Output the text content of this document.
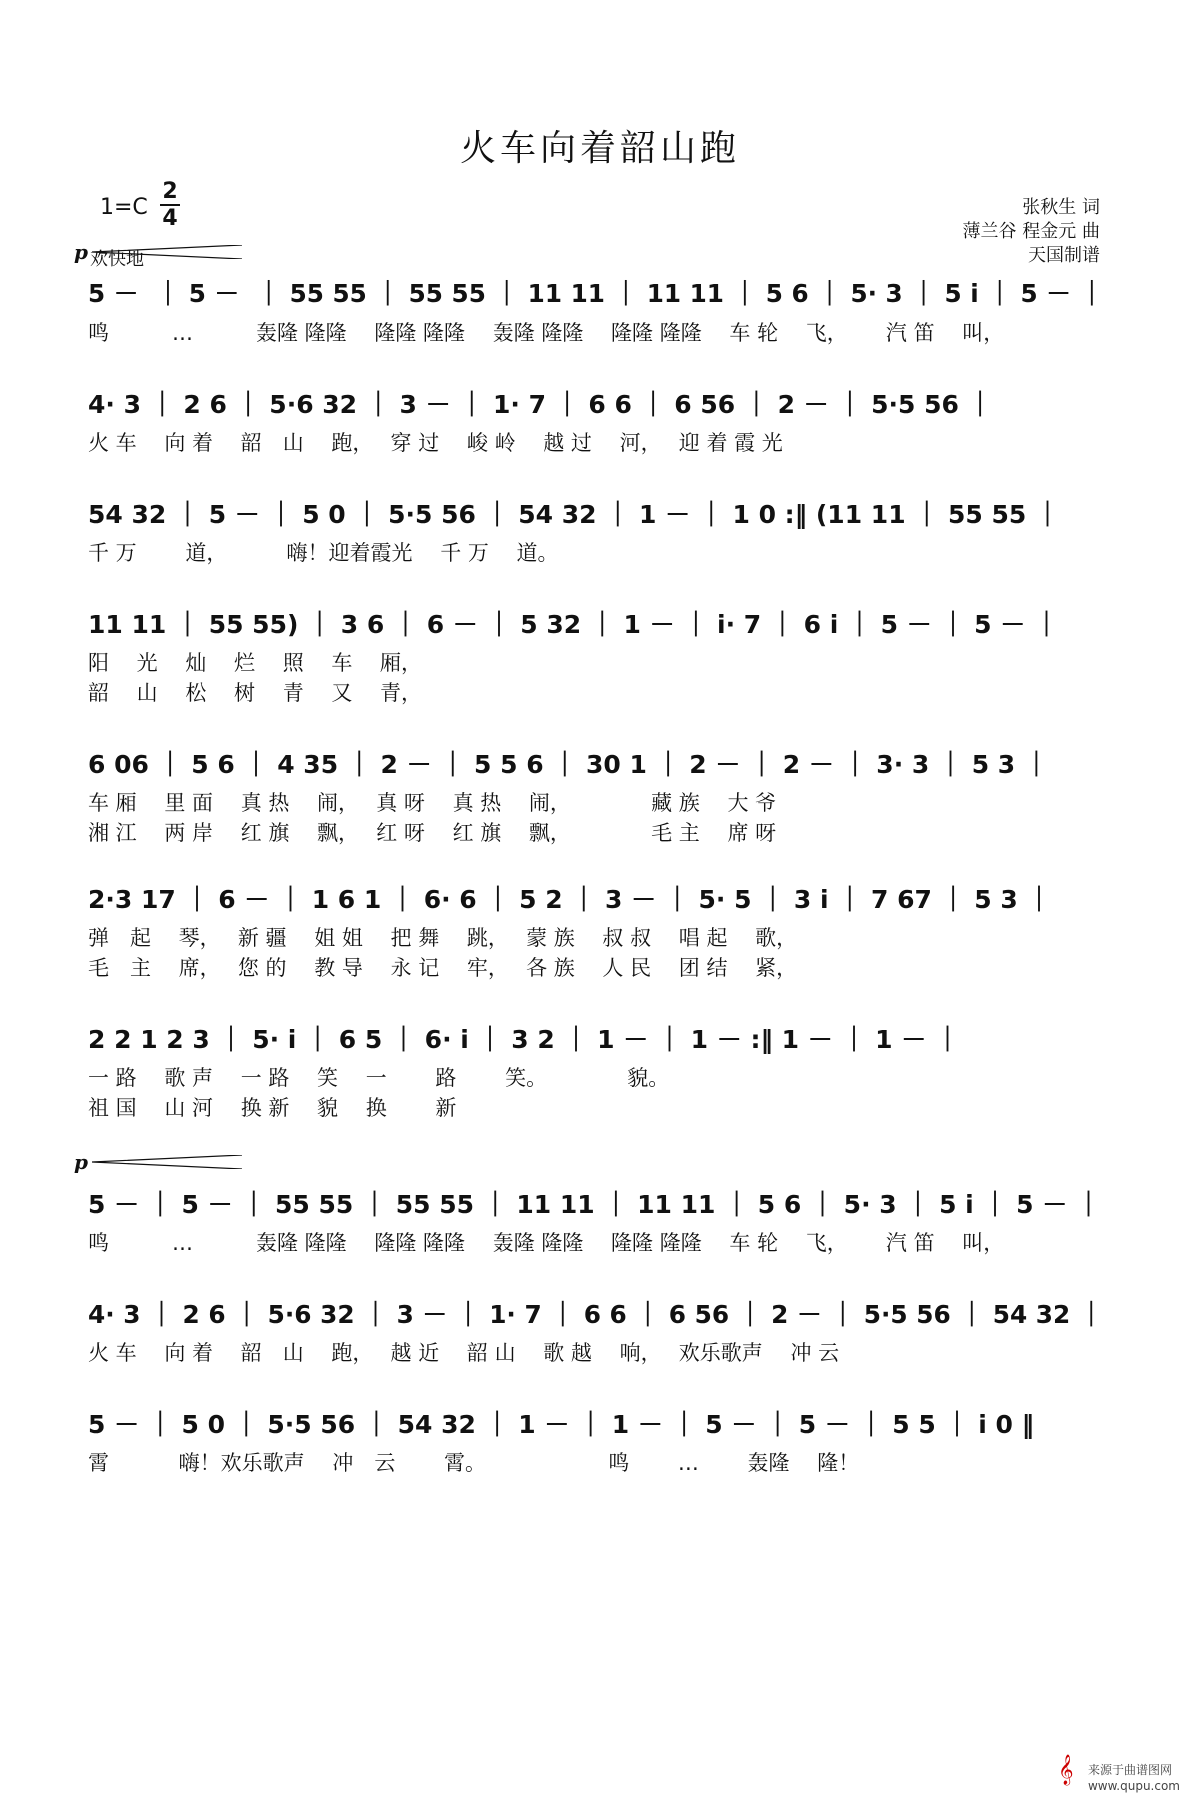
火车向着韶山跑
1=C
2
4
欢快地
张秋生 词
薄兰谷 程金元 曲
天国制谱
p
p
5 －  ｜ 5 －  ｜ 55 55 ｜ 55 55 ｜ 11 11 ｜ 11 11 ｜ 5 6 ｜ 5· 3 ｜ 5 i ｜ 5 － ｜
鸣　　　…　　　轰隆 隆隆　 隆隆 隆隆　 轰隆 隆隆　 隆隆 隆隆　 车 轮　 飞，　　 汽 笛　 叫，
4· 3 ｜ 2 6 ｜ 5·6 32 ｜ 3 － ｜ 1· 7 ｜ 6 6 ｜ 6 56 ｜ 2 － ｜ 5·5 56 ｜
火 车　 向 着　 韶　山　 跑，　 穿 过　 峻 岭　 越 过　 河，　 迎 着 霞 光
54 32 ｜ 5 － ｜ 5 0 ｜ 5·5 56 ｜ 54 32 ｜ 1 － ｜ 1 0 :‖ (11 11 ｜ 55 55 ｜
千 万　　 道，　　　 嗨！迎着霞光　 千 万　 道。
11 11 ｜ 55 55) ｜ 3 6 ｜ 6 － ｜ 5 32 ｜ 1 － ｜ i· 7 ｜ 6 i ｜ 5 － ｜ 5 － ｜
阳　 光　 灿　 烂　 照　 车　 厢，
韶　 山　 松　 树　 青　 又　 青，
6 06 ｜ 5 6 ｜ 4 35 ｜ 2 － ｜ 5 5 6 ｜ 30 1 ｜ 2 － ｜ 2 － ｜ 3· 3 ｜ 5 3 ｜
车 厢　 里 面　 真 热　 闹，　 真 呀　 真 热　 闹，　　　　 藏 族　 大 爷
湘 江　 两 岸　 红 旗　 飘，　 红 呀　 红 旗　 飘，　　　　 毛 主　 席 呀
2·3 17 ｜ 6 － ｜ 1 6 1 ｜ 6· 6 ｜ 5 2 ｜ 3 － ｜ 5· 5 ｜ 3 i ｜ 7 67 ｜ 5 3 ｜
弹　起　 琴，　 新 疆　 姐 姐　 把 舞　 跳，　 蒙 族　 叔 叔　 唱 起　 歌，
毛　主　 席，　 您 的　 教 导　 永 记　 牢，　 各 族　 人 民　 团 结　 紧，
2 2 1 2 3 ｜ 5· i ｜ 6 5 ｜ 6· i ｜ 3 2 ｜ 1 － ｜ 1 － :‖ 1 － ｜ 1 － ｜
一 路　 歌 声　 一 路　 笑　 一　　 路　　 笑。　　　　 貌。
祖 国　 山 河　 换 新　 貌　 换　　 新
5 － ｜ 5 － ｜ 55 55 ｜ 55 55 ｜ 11 11 ｜ 11 11 ｜ 5 6 ｜ 5· 3 ｜ 5 i ｜ 5 － ｜
鸣　　　…　　　轰隆 隆隆　 隆隆 隆隆　 轰隆 隆隆　 隆隆 隆隆　 车 轮　 飞，　　 汽 笛　 叫，
4· 3 ｜ 2 6 ｜ 5·6 32 ｜ 3 － ｜ 1· 7 ｜ 6 6 ｜ 6 56 ｜ 2 － ｜ 5·5 56 ｜ 54 32 ｜
火 车　 向 着　 韶　山　 跑，　 越 近　 韶 山　 歌 越　 响，　 欢乐歌声　 冲 云
5 － ｜ 5 0 ｜ 5·5 56 ｜ 54 32 ｜ 1 － ｜ 1 － ｜ 5 － ｜ 5 － ｜ 5 5 ｜ i 0 ‖
霄　　　 嗨！欢乐歌声　 冲　云　　 霄。　　　　　　 鸣　　 …　　 轰隆　 隆！
𝄞 来源于曲谱图网
www.qupu.com
